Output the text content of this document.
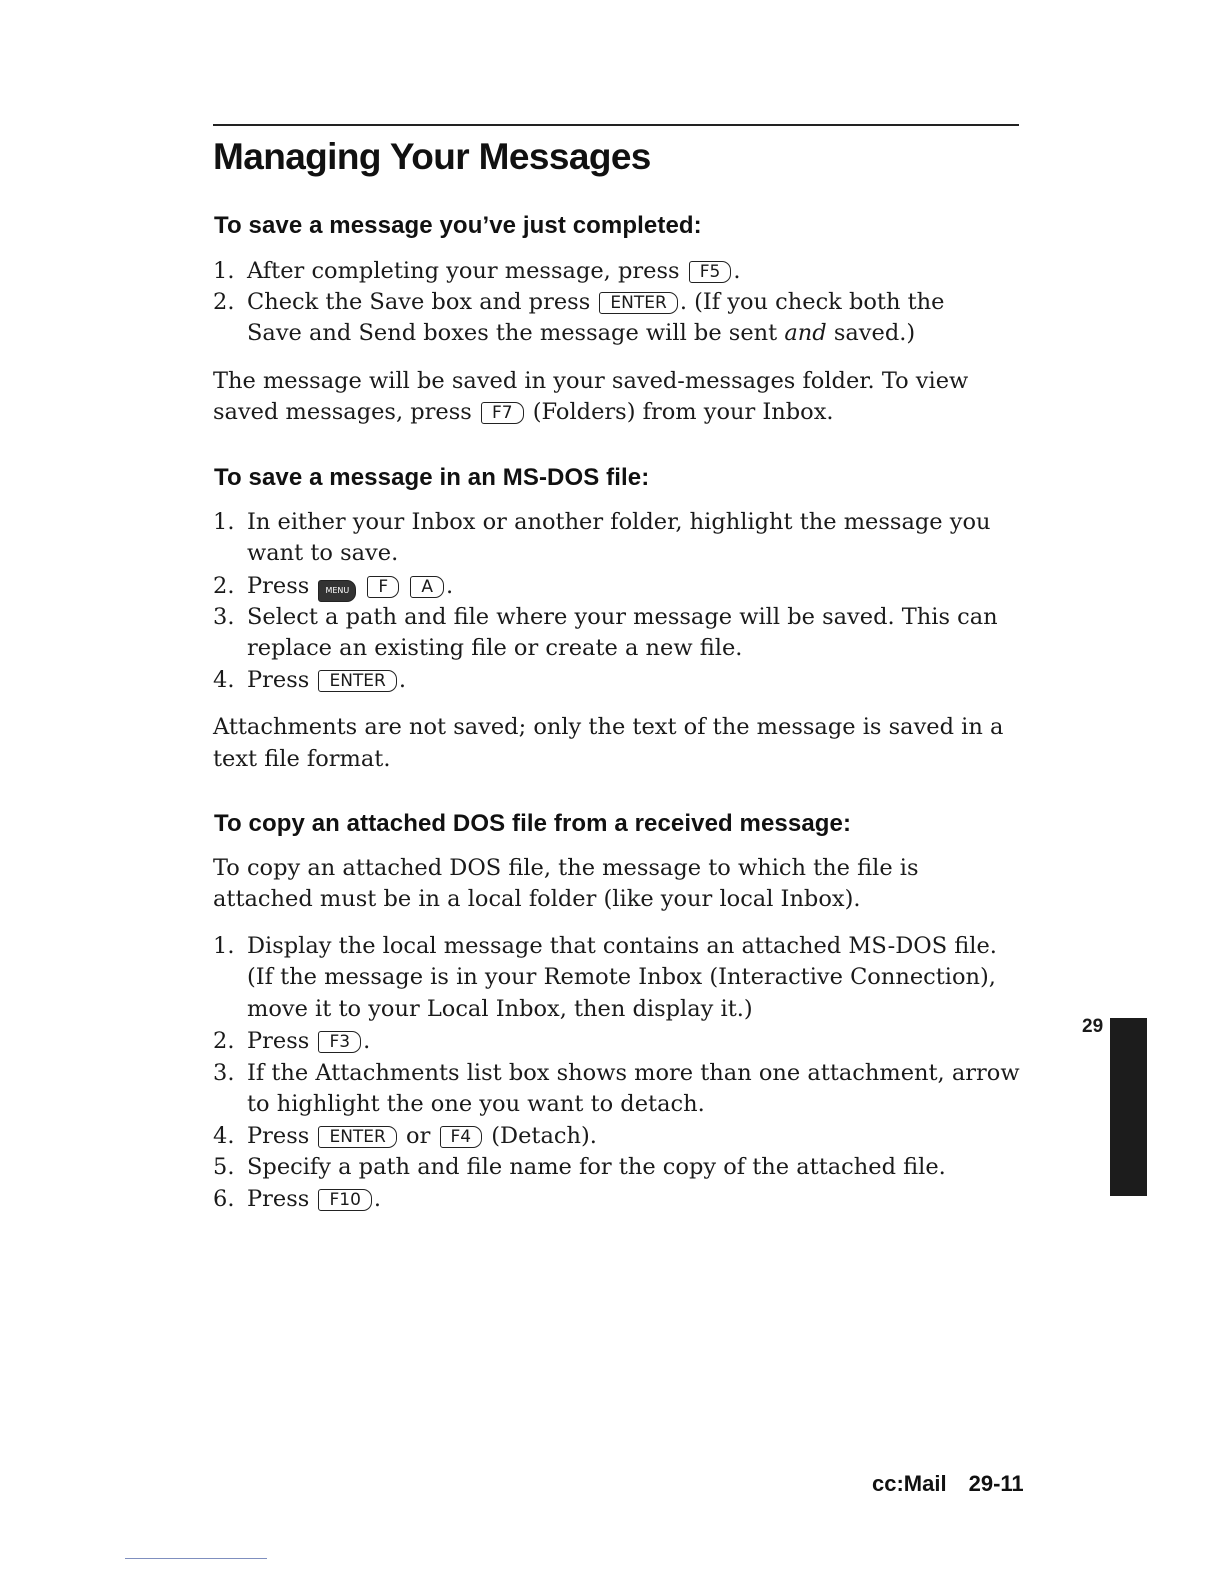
Managing Your Messages
To save a message you’ve just completed:
1. After completing your message, press F5 .

2. Check the Save box and press ENTER . (If you check both the

Save and Send boxes the message will be sent and saved.)

The message will be saved in your saved-messages folder. To view

saved messages, press F7 (Folders) from your Inbox.

To save a message in an MS-DOS file:
1. In either your Inbox or another folder, highlight the message you

want to save.

2. Press MENU F A .

3. Select a path and file where your message will be saved. This can

replace an existing file or create a new file.

4. Press ENTER .

Attachments are not saved; only the text of the message is saved in a

text file format.

To copy an attached DOS file from a received message:

To copy an attached DOS file, the message to which the file is

attached must be in a local folder (like your local Inbox).

1. Display the local message that contains an attached MS-DOS file.

(If the message is in your Remote Inbox (Interactive Connection),

move it to your Local Inbox, then display it.)

2. Press F3 .

3. If the Attachments list box shows more than one attachment, arrow

to highlight the one you want to detach.

4. Press ENTER or F4 (Detach).

5. Specify a path and file name for the copy of the attached file.

6. Press F10 .

29

cc:Mail 29-11
